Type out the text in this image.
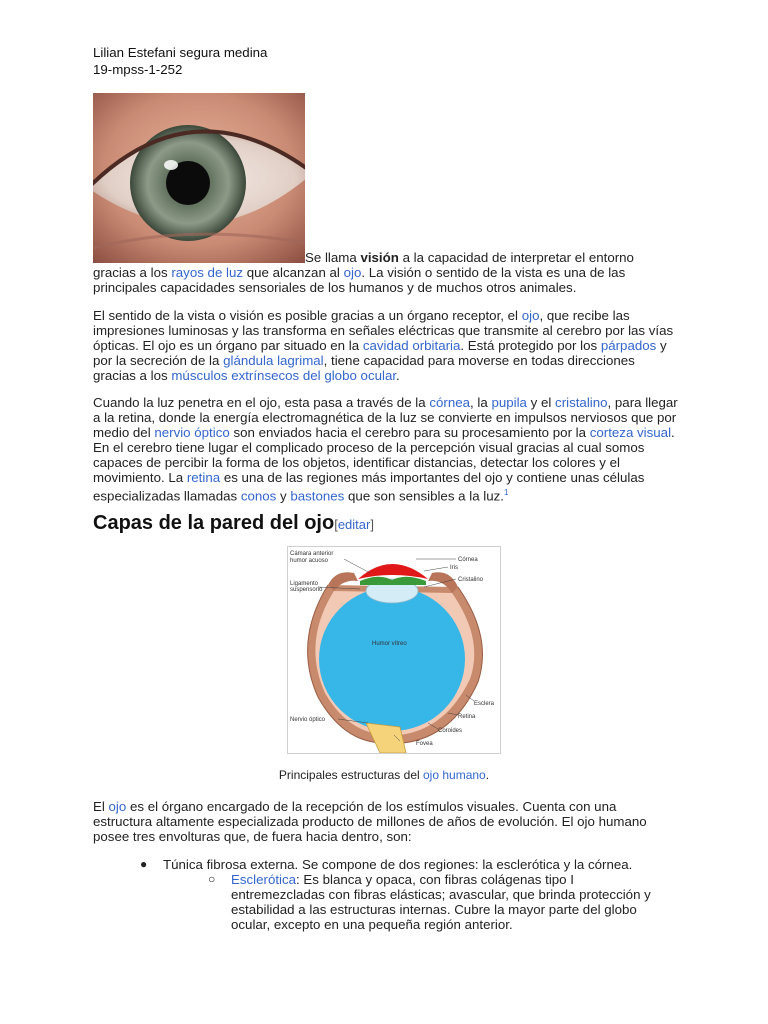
Lilian Estefani segura medina
19-mpss-1-252

Se llama visión a la capacidad de interpretar el entorno gracias a los rayos de luz que alcanzan al ojo. La visión o sentido de la vista es una de las principales capacidades sensoriales de los humanos y de muchos otros animales.

El sentido de la vista o visión es posible gracias a un órgano receptor, el ojo, que recibe las impresiones luminosas y las transforma en señales eléctricas que transmite al cerebro por las vías ópticas. El ojo es un órgano par situado en la cavidad orbitaria. Está protegido por los párpados y por la secreción de la glándula lagrimal, tiene capacidad para moverse en todas direcciones gracias a los músculos extrínsecos del globo ocular.

Cuando la luz penetra en el ojo, esta pasa a través de la córnea, la pupila y el cristalino, para llegar a la retina, donde la energía electromagnética de la luz se convierte en impulsos nerviosos que por medio del nervio óptico son enviados hacia el cerebro para su procesamiento por la corteza visual. En el cerebro tiene lugar el complicado proceso de la percepción visual gracias al cual somos capaces de percibir la forma de los objetos, identificar distancias, detectar los colores y el movimiento. La retina es una de las regiones más importantes del ojo y contiene unas células especializadas llamadas conos y bastones que son sensibles a la luz.$^1$

Capas de la pared del ojo[editar]
Cámara anterior
humor acuoso	Córnea
Iris
Cristalino
Ligamento
suspensorio
Humor vítreo
Esclera
Retina
Coroides
Nervio óptico
Fovea
Principales estructuras del ojo humano.

El ojo es el órgano encargado de la recepción de los estímulos visuales. Cuenta con una estructura altamente especializada producto de millones de años de evolución. El ojo humano posee tres envolturas que, de fuera hacia dentro, son:

● Túnica fibrosa externa. Se compone de dos regiones: la esclerótica y la córnea.
○ Esclerótica: Es blanca y opaca, con fibras colágenas tipo I entremezcladas con fibras elásticas; avascular, que brinda protección y estabilidad a las estructuras internas. Cubre la mayor parte del globo ocular, excepto en una pequeña región anterior.
